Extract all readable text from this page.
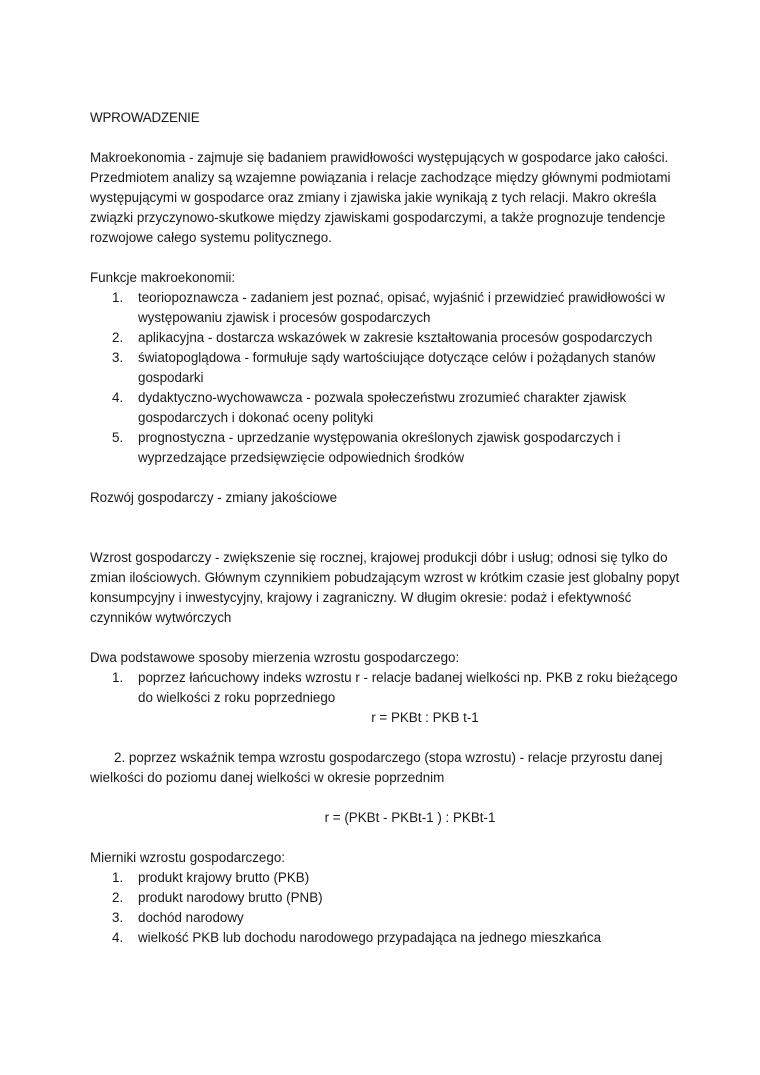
WPROWADZENIE

Makroekonomia - zajmuje się badaniem prawidłowości występujących w gospodarce jako całości. Przedmiotem analizy są wzajemne powiązania i relacje zachodzące między głównymi podmiotami występującymi w gospodarce oraz zmiany i zjawiska jakie wynikają z tych relacji. Makro określa związki przyczynowo-skutkowe między zjawiskami gospodarczymi, a także prognozuje tendencje rozwojowe całego systemu politycznego.

Funkcje makroekonomii:

1. teoriopoznawcza - zadaniem jest poznać, opisać, wyjaśnić i przewidzieć prawidłowości w występowaniu zjawisk i procesów gospodarczych
2. aplikacyjna - dostarcza wskazówek w zakresie kształtowania procesów gospodarczych
3. światopoglądowa - formułuje sądy wartościujące dotyczące celów i pożądanych stanów gospodarki
4. dydaktyczno-wychowawcza - pozwala społeczeństwu zrozumieć charakter zjawisk gospodarczych i dokonać oceny polityki
5. prognostyczna - uprzedzanie występowania określonych zjawisk gospodarczych i wyprzedzające przedsięwzięcie odpowiednich środków

Rozwój gospodarczy - zmiany jakościowe

Wzrost gospodarczy - zwiększenie się rocznej, krajowej produkcji dóbr i usług; odnosi się tylko do zmian ilościowych. Głównym czynnikiem pobudzającym wzrost w krótkim czasie jest globalny popyt konsumpcyjny i inwestycyjny, krajowy i zagraniczny. W długim okresie: podaż i efektywność czynników wytwórczych

Dwa podstawowe sposoby mierzenia wzrostu gospodarczego:

1. poprzez łańcuchowy indeks wzrostu r - relacje badanej wielkości np. PKB z roku bieżącego do wielkości z roku poprzedniego

r = PKBt : PKB t-1

2. poprzez wskaźnik tempa wzrostu gospodarczego (stopa wzrostu) - relacje przyrostu danej wielkości do poziomu danej wielkości w okresie poprzednim

r = (PKBt - PKBt-1 ) : PKBt-1

Mierniki wzrostu gospodarczego:

1. produkt krajowy brutto (PKB)
2. produkt narodowy brutto (PNB)
3. dochód narodowy
4. wielkość PKB lub dochodu narodowego przypadająca na jednego mieszkańca
